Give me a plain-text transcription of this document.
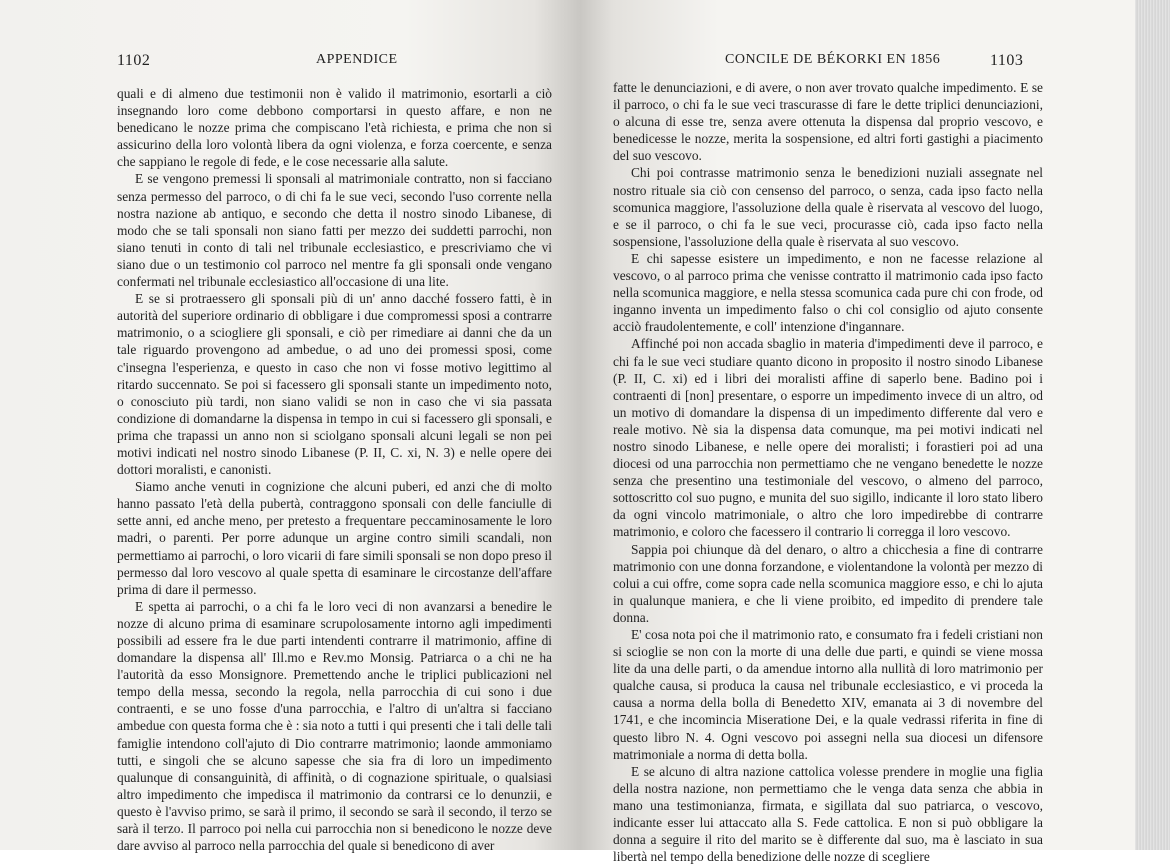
1102	APPENDICE

quali e di almeno due testimonii non è valido il matrimonio, esortarli a ciò insegnando loro come debbono comportarsi in questo affare, e non ne benedicano le nozze prima che compiscano l'età richiesta, e prima che non si assicurino della loro volontà libera da ogni violenza, e forza coercente, e senza che sappiano le regole di fede, e le cose necessarie alla salute.

E se vengono premessi li sponsali al matrimoniale contratto, non si facciano senza permesso del parroco, o di chi fa le sue veci, secondo l'uso corrente nella nostra nazione ab antiquo, e secondo che detta il nostro sinodo Libanese, di modo che se tali sponsali non siano fatti per mezzo dei suddetti parrochi, non siano tenuti in conto di tali nel tribunale ecclesiastico, e prescriviamo che vi siano due o un testimonio col parroco nel mentre fa gli sponsali onde vengano confermati nel tribunale ecclesiastico all'occasione di una lite.

E se si protraessero gli sponsali più di un' anno dacché fossero fatti, è in autorità del superiore ordinario di obbligare i due compromessi sposi a contrarre matrimonio, o a sciogliere gli sponsali, e ciò per rimediare ai danni che da un tale riguardo provengono ad ambedue, o ad uno dei promessi sposi, come c'insegna l'esperienza, e questo in caso che non vi fosse motivo legittimo al ritardo succennato. Se poi si facessero gli sponsali stante un impedimento noto, o conosciuto più tardi, non siano validi se non in caso che vi sia passata condizione di domandarne la dispensa in tempo in cui si facessero gli sponsali, e prima che trapassi un anno non si sciolgano sponsali alcuni legali se non pei motivi indicati nel nostro sinodo Libanese (P. II, C. xi, N. 3) e nelle opere dei dottori moralisti, e canonisti.

Siamo anche venuti in cognizione che alcuni puberi, ed anzi che di molto hanno passato l'età della pubertà, contraggono sponsali con delle fanciulle di sette anni, ed anche meno, per pretesto a frequentare peccaminosamente le loro madri, o parenti. Per porre adunque un argine contro simili scandali, non permettiamo ai parrochi, o loro vicarii di fare simili sponsali se non dopo preso il permesso dal loro vescovo al quale spetta di esaminare le circostanze dell'affare prima di dare il permesso.

E spetta ai parrochi, o a chi fa le loro veci di non avanzarsi a benedire le nozze di alcuno prima di esaminare scrupolosamente intorno agli impedimenti possibili ad essere fra le due parti intendenti contrarre il matrimonio, affine di domandare la dispensa all' Ill.mo e Rev.mo Monsig. Patriarca o a chi ne ha l'autorità da esso Monsignore. Premettendo anche le triplici publicazioni nel tempo della messa, secondo la regola, nella parrocchia di cui sono i due contraenti, e se uno fosse d'una parrocchia, e l'altro di un'altra si facciano ambedue con questa forma che è : sia noto a tutti i qui presenti che i tali delle tali famiglie intendono coll'ajuto di Dio contrarre matrimonio; laonde ammoniamo tutti, e singoli che se alcuno sapesse che sia fra di loro un impedimento qualunque di consanguinità, di affinità, o di cognazione spirituale, o qualsiasi altro impedimento che impedisca il matrimonio da contrarsi ce lo denunzii, e questo è l'avviso primo, se sarà il primo, il secondo se sarà il secondo, il terzo se sarà il terzo. Il parroco poi nella cui parrocchia non si benedicono le nozze deve dare avviso al parroco nella parrocchia del quale si benedicono di aver

CONCILE DE BÉKORKI EN 1856	1103

fatte le denunciazioni, e di avere, o non aver trovato qualche impedimento. E se il parroco, o chi fa le sue veci trascurasse di fare le dette triplici denunciazioni, o alcuna di esse tre, senza avere ottenuta la dispensa dal proprio vescovo, e benedicesse le nozze, merita la sospensione, ed altri forti gastighi a piacimento del suo vescovo.

Chi poi contrasse matrimonio senza le benedizioni nuziali assegnate nel nostro rituale sia ciò con censenso del parroco, o senza, cada ipso facto nella scomunica maggiore, l'assoluzione della quale è riservata al vescovo del luogo, e se il parroco, o chi fa le sue veci, procurasse ciò, cada ipso facto nella sospensione, l'assoluzione della quale è riservata al suo vescovo.

E chi sapesse esistere un impedimento, e non ne facesse relazione al vescovo, o al parroco prima che venisse contratto il matrimonio cada ipso facto nella scomunica maggiore, e nella stessa scomunica cada pure chi con frode, od inganno inventa un impedimento falso o chi col consiglio od ajuto consente acciò fraudolentemente, e coll' intenzione d'ingannare.

Affinché poi non accada sbaglio in materia d'impedimenti deve il parroco, e chi fa le sue veci studiare quanto dicono in proposito il nostro sinodo Libanese (P. II, C. xi) ed i libri dei moralisti affine di saperlo bene. Badino poi i contraenti di [non] presentare, o esporre un impedimento invece di un altro, od un motivo di domandare la dispensa di un impedimento differente dal vero e reale motivo. Nè sia la dispensa data comunque, ma pei motivi indicati nel nostro sinodo Libanese, e nelle opere dei moralisti; i forastieri poi ad una diocesi od una parrocchia non permettiamo che ne vengano benedette le nozze senza che presentino una testimoniale del vescovo, o almeno del parroco, sottoscritto col suo pugno, e munita del suo sigillo, indicante il loro stato libero da ogni vincolo matrimoniale, o altro che loro impedirebbe di contrarre matrimonio, e coloro che facessero il contrario li corregga il loro vescovo.

Sappia poi chiunque dà del denaro, o altro a chicchesia a fine di contrarre matrimonio con une donna forzandone, e violentandone la volontà per mezzo di colui a cui offre, come sopra cade nella scomunica maggiore esso, e chi lo ajuta in qualunque maniera, e che li viene proibito, ed impedito di prendere tale donna.

E' cosa nota poi che il matrimonio rato, e consumato fra i fedeli cristiani non si scioglie se non con la morte di una delle due parti, e quindi se viene mossa lite da una delle parti, o da amendue intorno alla nullità di loro matrimonio per qualche causa, si produca la causa nel tribunale ecclesiastico, e vi proceda la causa a norma della bolla di Benedetto XIV, emanata ai 3 di novembre del 1741, e che incomincia Miseratione Dei, e la quale vedrassi riferita in fine di questo libro N. 4. Ogni vescovo poi assegni nella sua diocesi un difensore matrimoniale a norma di detta bolla.

E se alcuno di altra nazione cattolica volesse prendere in moglie una figlia della nostra nazione, non permettiamo che le venga data senza che abbia in mano una testimonianza, firmata, e sigillata dal suo patriarca, o vescovo, indicante esser lui attaccato alla S. Fede cattolica. E non si può obbligare la donna a seguire il rito del marito se è differente dal suo, ma è lasciato in sua libertà nel tempo della benedizione delle nozze di scegliere
